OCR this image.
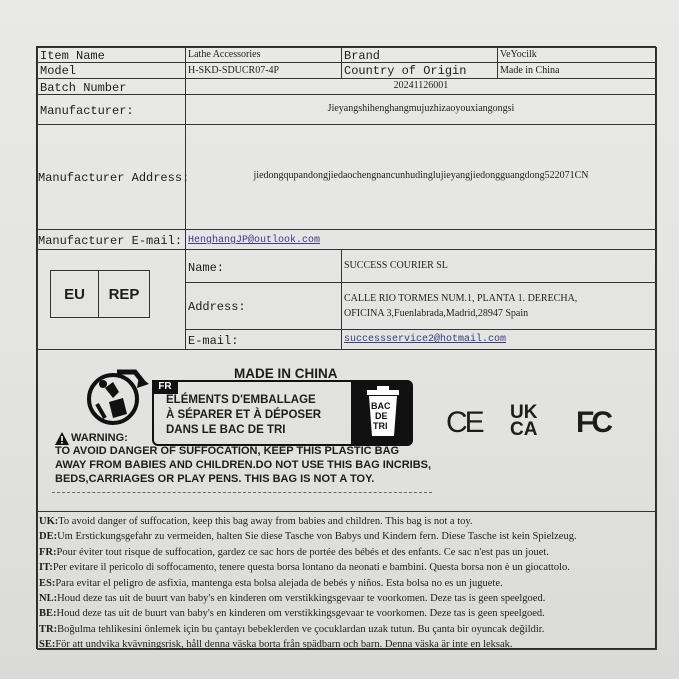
Item Name	Lathe Accessories	Brand	VeYocilk
Model	H-SKD-SDUCR07-4P	Country of Origin	Made in China
Batch Number	20241126001
Manufacturer:	Jieyangshihenghangmujuzhizaoyouxiangongsi
Manufacturer Address:	jiedongqupandongjiedaochengnancunhudinglujieyangjiedongguangdong522071CN
Manufacturer E-mail: HenghangJP@outlook.com
EU REP
Name:	SUCCESS COURIER SL
Address:
CALLE RIO TORMES NUM.1, PLANTA 1. DERECHA,
OFICINA 3,Fuenlabrada,Madrid,28947 Spain
E-mail:	successservice2@hotmail.com
MADE IN CHINA
FR
ÉLÉMENTS D'EMBALLAGE
À SÉPARER ET À DÉPOSER
DANS LE BAC DE TRI
BAC
DE
TRI CE UK
CA FC
WARNING:
TO AVOID DANGER OF SUFFOCATION, KEEP THIS PLASTIC BAG
AWAY FROM BABIES AND CHILDREN.DO NOT USE THIS BAG INCRIBS,
BEDS,CARRIAGES OR PLAY PENS. THIS BAG IS NOT A TOY.
UK:To avoid danger of suffocation, keep this bag away from babies and children. This bag is not a toy.
DE:Um Erstickungsgefahr zu vermeiden, halten Sie diese Tasche von Babys und Kindern fern. Diese Tasche ist kein Spielzeug.
FR:Pour éviter tout risque de suffocation, gardez ce sac hors de portée des bébés et des enfants. Ce sac n'est pas un jouet.
IT:Per evitare il pericolo di soffocamento, tenere questa borsa lontano da neonati e bambini. Questa borsa non è un giocattolo.
ES:Para evitar el peligro de asfixia, mantenga esta bolsa alejada de bebés y niños. Esta bolsa no es un juguete.
NL:Houd deze tas uit de buurt van baby's en kinderen om verstikkingsgevaar te voorkomen. Deze tas is geen speelgoed.
BE:Houd deze tas uit de buurt van baby's en kinderen om verstikkingsgevaar te voorkomen. Deze tas is geen speelgoed.
TR:Boğulma tehlikesini önlemek için bu çantayı bebeklerden ve çocuklardan uzak tutun. Bu çanta bir oyuncak değildir.
SE:För att undvika kvävningsrisk, håll denna väska borta från spädbarn och barn. Denna väska är inte en leksak.
